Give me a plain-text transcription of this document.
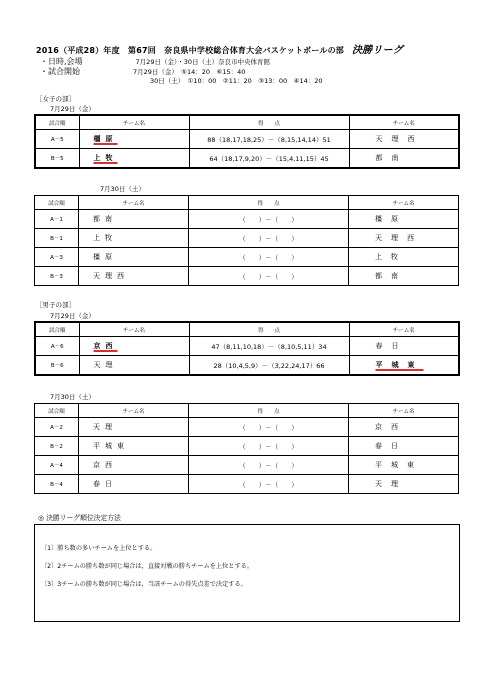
2016（平成28）年度　第67回　奈良県中学校総合体育大会バスケットボールの部 決勝リーグ
・日時,会場　　	7月29日（金）・30日（土）奈良市中央体育館
・試合開始　　	7月29日（金）　⑤14：20　⑥15：40
30日（土）　①10：00　②11：20　③13：00　④14：20
［女子の部］
7月29日（金）
試合順	チーム名	得　　点	チーム名
A－5	橿原	88（18,17,18,25）－（8,15,14,14）51	天理西
B－5	上牧	64（18,17,9,20）－（15,4,11,15）45	都南
7月30日（土）
試合順	チーム名	得　　点	チーム名
A－1	都南	（　　）－（　　）	橿原
B－1	上牧	（　　）－（　　）	天理西
A－3	橿原	（　　）－（　　）	上牧
B－3	天理西	（　　）－（　　）	都南
［男子の部］
7月29日（金）
試合順	チーム名	得　　点	チーム名
A－6	京西	47（8,11,10,18）－（8,10,5,11）34	春日
B－6	天理	28（10,4,5,9）－（3,22,24,17）66	平城東
7月30日（土）
試合順	チーム名	得　　点	チーム名
A－2	天理	（　　）－（　　）	京西
B－2	平城東	（　　）－（　　）	春日
A－4	京西	（　　）－（　　）	平城東
B－4	春日	（　　）－（　　）	天理
◎ 決勝リーグ順位決定方法

〔1〕勝ち数の多いチームを上位とする。

〔2〕2チームの勝ち数が同じ場合は，直接対戦の勝ちチームを上位とする。

〔3〕3チームの勝ち数が同じ場合は，当該チームの得失点差で決定する。
